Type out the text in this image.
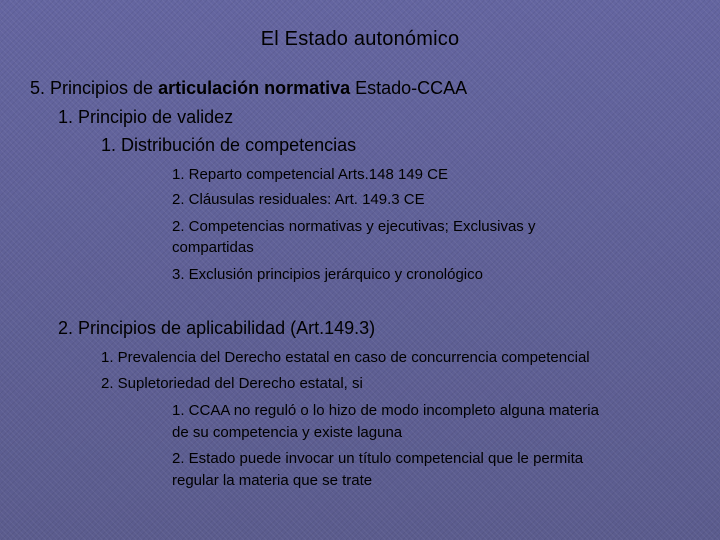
El Estado autonómico
5. Principios de articulación normativa Estado-CCAA
1. Principio de validez
1. Distribución de competencias
1. Reparto competencial Arts.148 149 CE
2. Cláusulas residuales: Art. 149.3 CE
2. Competencias normativas y ejecutivas; Exclusivas y
compartidas
3. Exclusión principios jerárquico y cronológico
2. Principios de aplicabilidad (Art.149.3)
1. Prevalencia del Derecho estatal en caso de concurrencia competencial
2. Supletoriedad del Derecho estatal, si
1. CCAA no reguló o lo hizo de modo incompleto alguna materia
de su competencia y existe laguna
2. Estado puede invocar un título competencial que le permita
regular la materia que se trate
